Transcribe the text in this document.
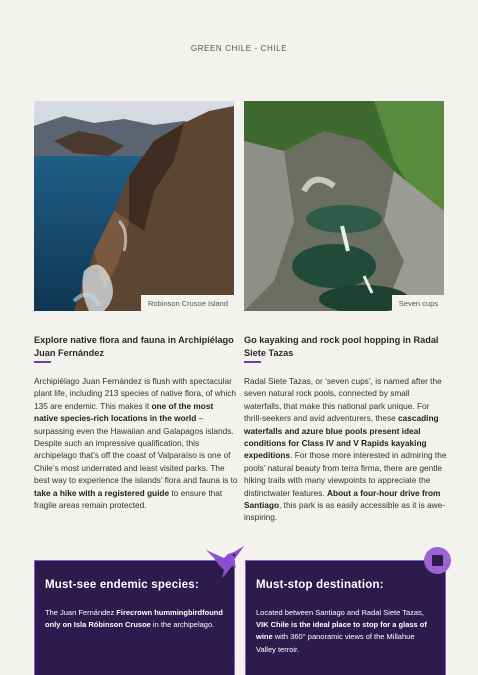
GREEN CHILE - CHILE
Robinson Crusoe Island	Seven cups
Explore native flora and fauna in Archipiélago Juan Fernández

Archipiélago Juan Fernández is flush with spectacular plant life, including 213 species of native flora, of which 135 are endemic. This makes it one of the most native species-rich locations in the world – surpassing even the Hawaiian and Galapagos islands. Despite such an impressive qualification, this archipelago that’s off the coast of Valparaíso is one of Chile’s most underrated and least visited parks. The best way to experience the islands’ flora and fauna is to take a hike with a registered guide to ensure that fragile areas remain protected.

Go kayaking and rock pool hopping in Radal Siete Tazas

Radal Siete Tazas, or ‘seven cups’, is named after the seven natural rock pools, connected by small waterfalls, that make this national park unique. For thrill-seekers and avid adventurers, these cascading waterfalls and azure blue pools present ideal conditions for Class IV and V Rapids kayaking expeditions. For those more interested in admiring the pools’ natural beauty from terra firma, there are gentle hiking trails with many viewpoints to appreciate the distinctwater features. About a four-hour drive from Santiago, this park is as easily accessible as it is awe-inspiring.

Must-see endemic species:

The Juan Fernández Firecrown hummingbirdfound only on Isla Róbinson Crusoe in the archipelago.

Must-stop destination:

Located between Santiago and Radal Siete Tazas, VIK Chile is the ideal place to stop for a glass of wine with 360° panoramic views of the Millahue Valley terroir.

27
